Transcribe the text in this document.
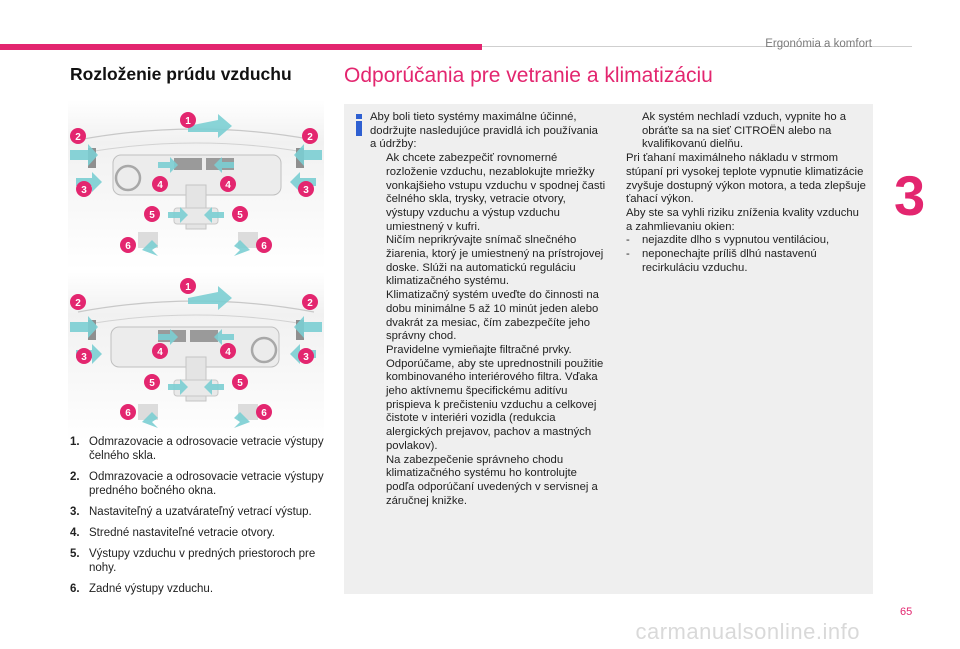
Ergonómia a komfort
3
Rozloženie prúdu vzduchu
1
2	2
3	3
4	4
5	5
6	6
1
2	2
3	3
4	4
5	5
6	6
1. Odmrazovacie a odrosovacie vetracie výstupy čelného skla.
2. Odmrazovacie a odrosovacie vetracie výstupy predného bočného okna.
3. Nastaviteľný a uzatvárateľný vetrací výstup.
4. Stredné nastaviteľné vetracie otvory.
5. Výstupy vzduchu v predných priestoroch pre nohy.
6. Zadné výstupy vzduchu.
Odporúčania pre vetranie a klimatizáciu
Aby boli tieto systémy maximálne účinné, dodržujte nasledujúce pravidlá ich používania a údržby:
Ak chcete zabezpečiť rovnomerné rozloženie vzduchu, nezablokujte mriežky vonkajšieho vstupu vzduchu v spodnej časti čelného skla, trysky, vetracie otvory, výstupy vzduchu a výstup vzduchu umiestnený v kufri.
Ničím neprikrývajte snímač slnečného žiarenia, ktorý je umiestnený na prístrojovej doske. Slúži na automatickú reguláciu klimatizačného systému.
Klimatizačný systém uveďte do činnosti na dobu minimálne 5 až 10 minút jeden alebo dvakrát za mesiac, čím zabezpečíte jeho správny chod.
Pravidelne vymieňajte filtračné prvky. Odporúčame, aby ste uprednostnili použitie kombinovaného interiérového filtra. Vďaka jeho aktívnemu špecifickému aditívu prispieva k prečisteniu vzduchu a celkovej čistote v interiéri vozidla (redukcia alergických prejavov, pachov a mastných povlakov).
Na zabezpečenie správneho chodu klimatizačného systému ho kontrolujte podľa odporúčaní uvedených v servisnej a záručnej knižke.
Ak systém nechladí vzduch, vypnite ho a obráťte sa na sieť CITROËN alebo na kvalifikovanú dielňu.
Pri ťahaní maximálneho nákladu v strmom stúpaní pri vysokej teplote vypnutie klimatizácie zvyšuje dostupný výkon motora, a teda zlepšuje ťahací výkon.
Aby ste sa vyhli riziku zníženia kvality vzduchu a zahmlievaniu okien:
-	nejazdite dlho s vypnutou ventiláciou,
-	neponechajte príliš dlhú nastavenú recirkuláciu vzduchu.
65
carmanualsonline.info
